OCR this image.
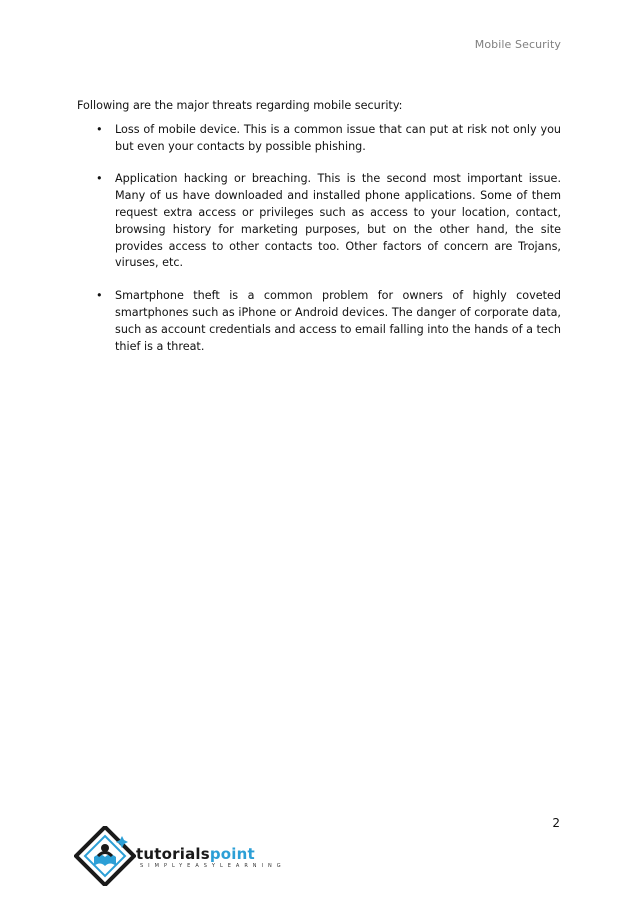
Mobile Security

Following are the major threats regarding mobile security:

• Loss of mobile device. This is a common issue that can put at risk not only you but even your contacts by possible phishing.
• Application hacking or breaching. This is the second most important issue. Many of us have downloaded and installed phone applications. Some of them request extra access or privileges such as access to your location, contact, browsing history for marketing purposes, but on the other hand, the site provides access to other contacts too. Other factors of concern are Trojans, viruses, etc.
• Smartphone theft is a common problem for owners of highly coveted smartphones such as iPhone or Android devices. The danger of corporate data, such as account credentials and access to email falling into the hands of a tech thief is a threat.
2
tutorialspoint
SIMPLYEASYLEARNING
